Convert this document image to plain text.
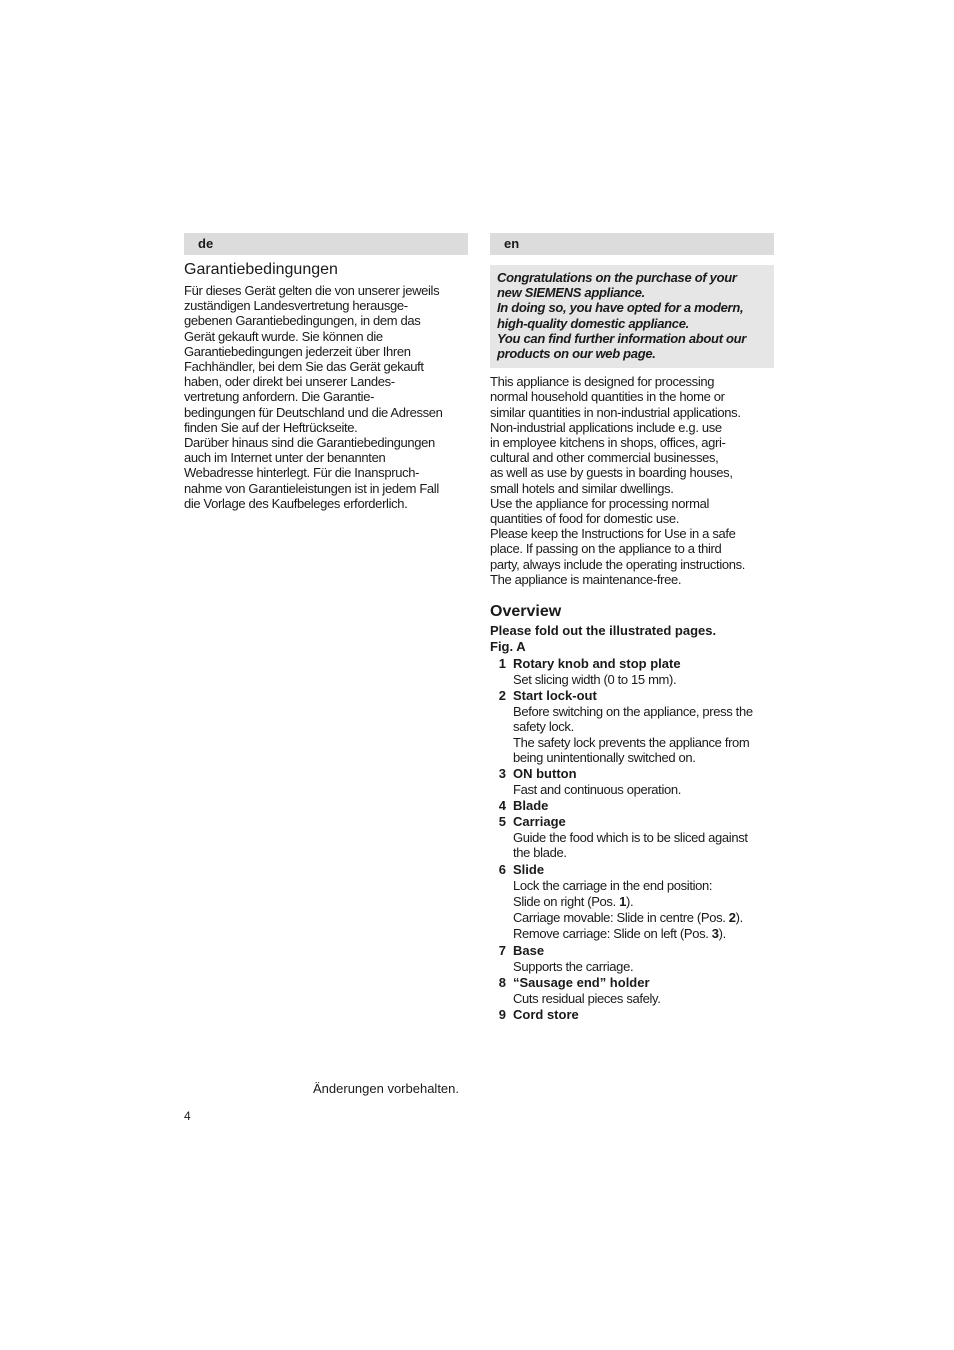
de
Garantiebedingungen

Für dieses Gerät gelten die von unserer jeweils
zuständigen Landesvertretung herausge-
gebenen Garantiebedingungen, in dem das
Gerät gekauft wurde. Sie können die
Garantiebedingungen jederzeit über Ihren
Fachhändler, bei dem Sie das Gerät gekauft
haben, oder direkt bei unserer Landes-
vertretung anfordern. Die Garantie-
bedingungen für Deutschland und die Adressen
finden Sie auf der Heftrückseite.

Darüber hinaus sind die Garantiebedingungen
auch im Internet unter der benannten
Webadresse hinterlegt. Für die Inanspruch-
nahme von Garantieleistungen ist in jedem Fall
die Vorlage des Kaufbeleges erforderlich.

en

Congratulations on the purchase of your
new SIEMENS appliance.

In doing so, you have opted for a modern,
high-quality domestic appliance.

You can find further information about our
products on our web page.

This appliance is designed for processing
normal household quantities in the home or
similar quantities in non-industrial applications.
Non-industrial applications include e.g. use
in employee kitchens in shops, offices, agri-
cultural and other commercial businesses,
as well as use by guests in boarding houses,
small hotels and similar dwellings.

Use the appliance for processing normal
quantities of food for domestic use.

Please keep the Instructions for Use in a safe
place. If passing on the appliance to a third
party, always include the operating instructions.

The appliance is maintenance-free.

Overview

Please fold out the illustrated pages.

Fig. A

1 Rotary knob and stop plate
Set slicing width (0 to 15 mm).
2 Start lock-out
Before switching on the appliance, press the
safety lock.
The safety lock prevents the appliance from
being unintentionally switched on.
3 ON button
Fast and continuous operation.
4 Blade
5 Carriage
Guide the food which is to be sliced against
the blade.
6 Slide
Lock the carriage in the end position:
Slide on right (Pos. 1).
Carriage movable: Slide in centre (Pos. 2).
Remove carriage: Slide on left (Pos. 3).
7 Base
Supports the carriage.
8 “Sausage end” holder
Cuts residual pieces safely.
9 Cord store
Änderungen vorbehalten.
4
